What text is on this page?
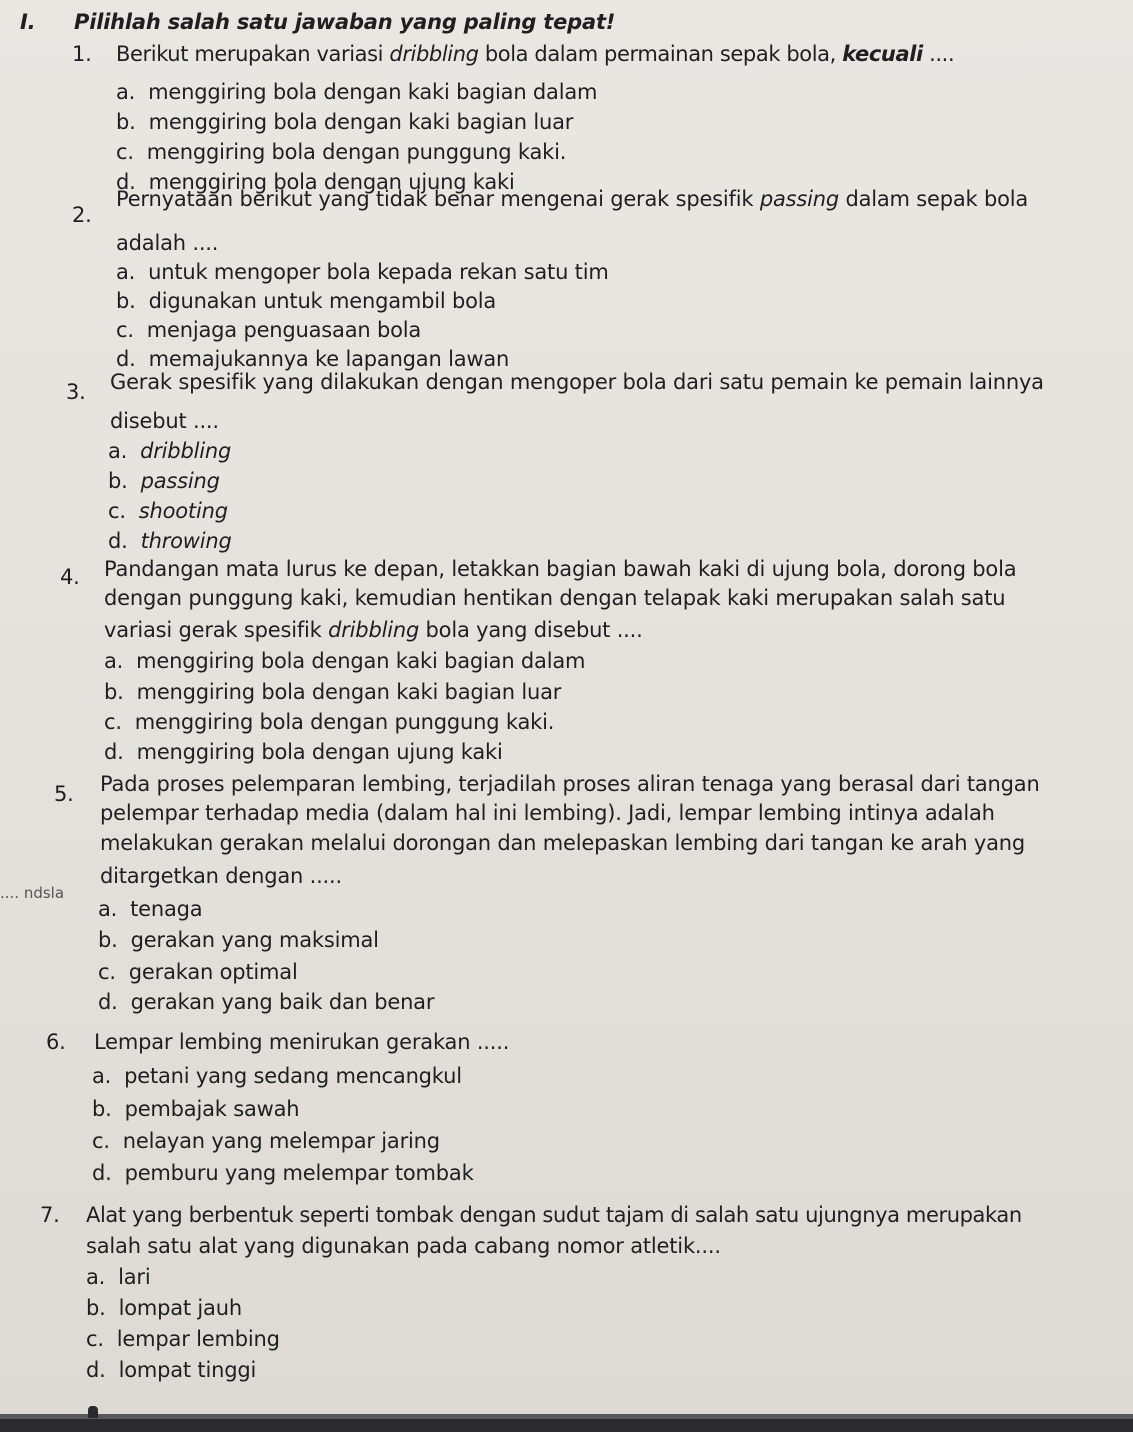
I. Pilihlah salah satu jawaban yang paling tepat!
1. Berikut merupakan variasi dribbling bola dalam permainan sepak bola, kecuali ....
a. menggiring bola dengan kaki bagian dalam
b. menggiring bola dengan kaki bagian luar
c. menggiring bola dengan punggung kaki.
d. menggiring bola dengan ujung kaki
2.
Pernyataan berikut yang tidak benar mengenai gerak spesifik passing dalam sepak bola
adalah ....
a. untuk mengoper bola kepada rekan satu tim
b. digunakan untuk mengambil bola
c. menjaga penguasaan bola
d. memajukannya ke lapangan lawan
3. Gerak spesifik yang dilakukan dengan mengoper bola dari satu pemain ke pemain lainnya
disebut ....
a. dribbling
b. passing
c. shooting
d. throwing
4. Pandangan mata lurus ke depan, letakkan bagian bawah kaki di ujung bola, dorong bola
dengan punggung kaki, kemudian hentikan dengan telapak kaki merupakan salah satu
variasi gerak spesifik dribbling bola yang disebut ....
a. menggiring bola dengan kaki bagian dalam
b. menggiring bola dengan kaki bagian luar
c. menggiring bola dengan punggung kaki.
d. menggiring bola dengan ujung kaki
5. Pada proses pelemparan lembing, terjadilah proses aliran tenaga yang berasal dari tangan
pelempar terhadap media (dalam hal ini lembing). Jadi, lempar lembing intinya adalah
melakukan gerakan melalui dorongan dan melepaskan lembing dari tangan ke arah yang
ditargetkan dengan .....
.... ndsla
a. tenaga
b. gerakan yang maksimal
c. gerakan optimal
d. gerakan yang baik dan benar
6. Lempar lembing menirukan gerakan .....
a. petani yang sedang mencangkul
b. pembajak sawah
c. nelayan yang melempar jaring
d. pemburu yang melempar tombak
7. Alat yang berbentuk seperti tombak dengan sudut tajam di salah satu ujungnya merupakan
salah satu alat yang digunakan pada cabang nomor atletik....
a. lari
b. lompat jauh
c. lempar lembing
d. lompat tinggi
